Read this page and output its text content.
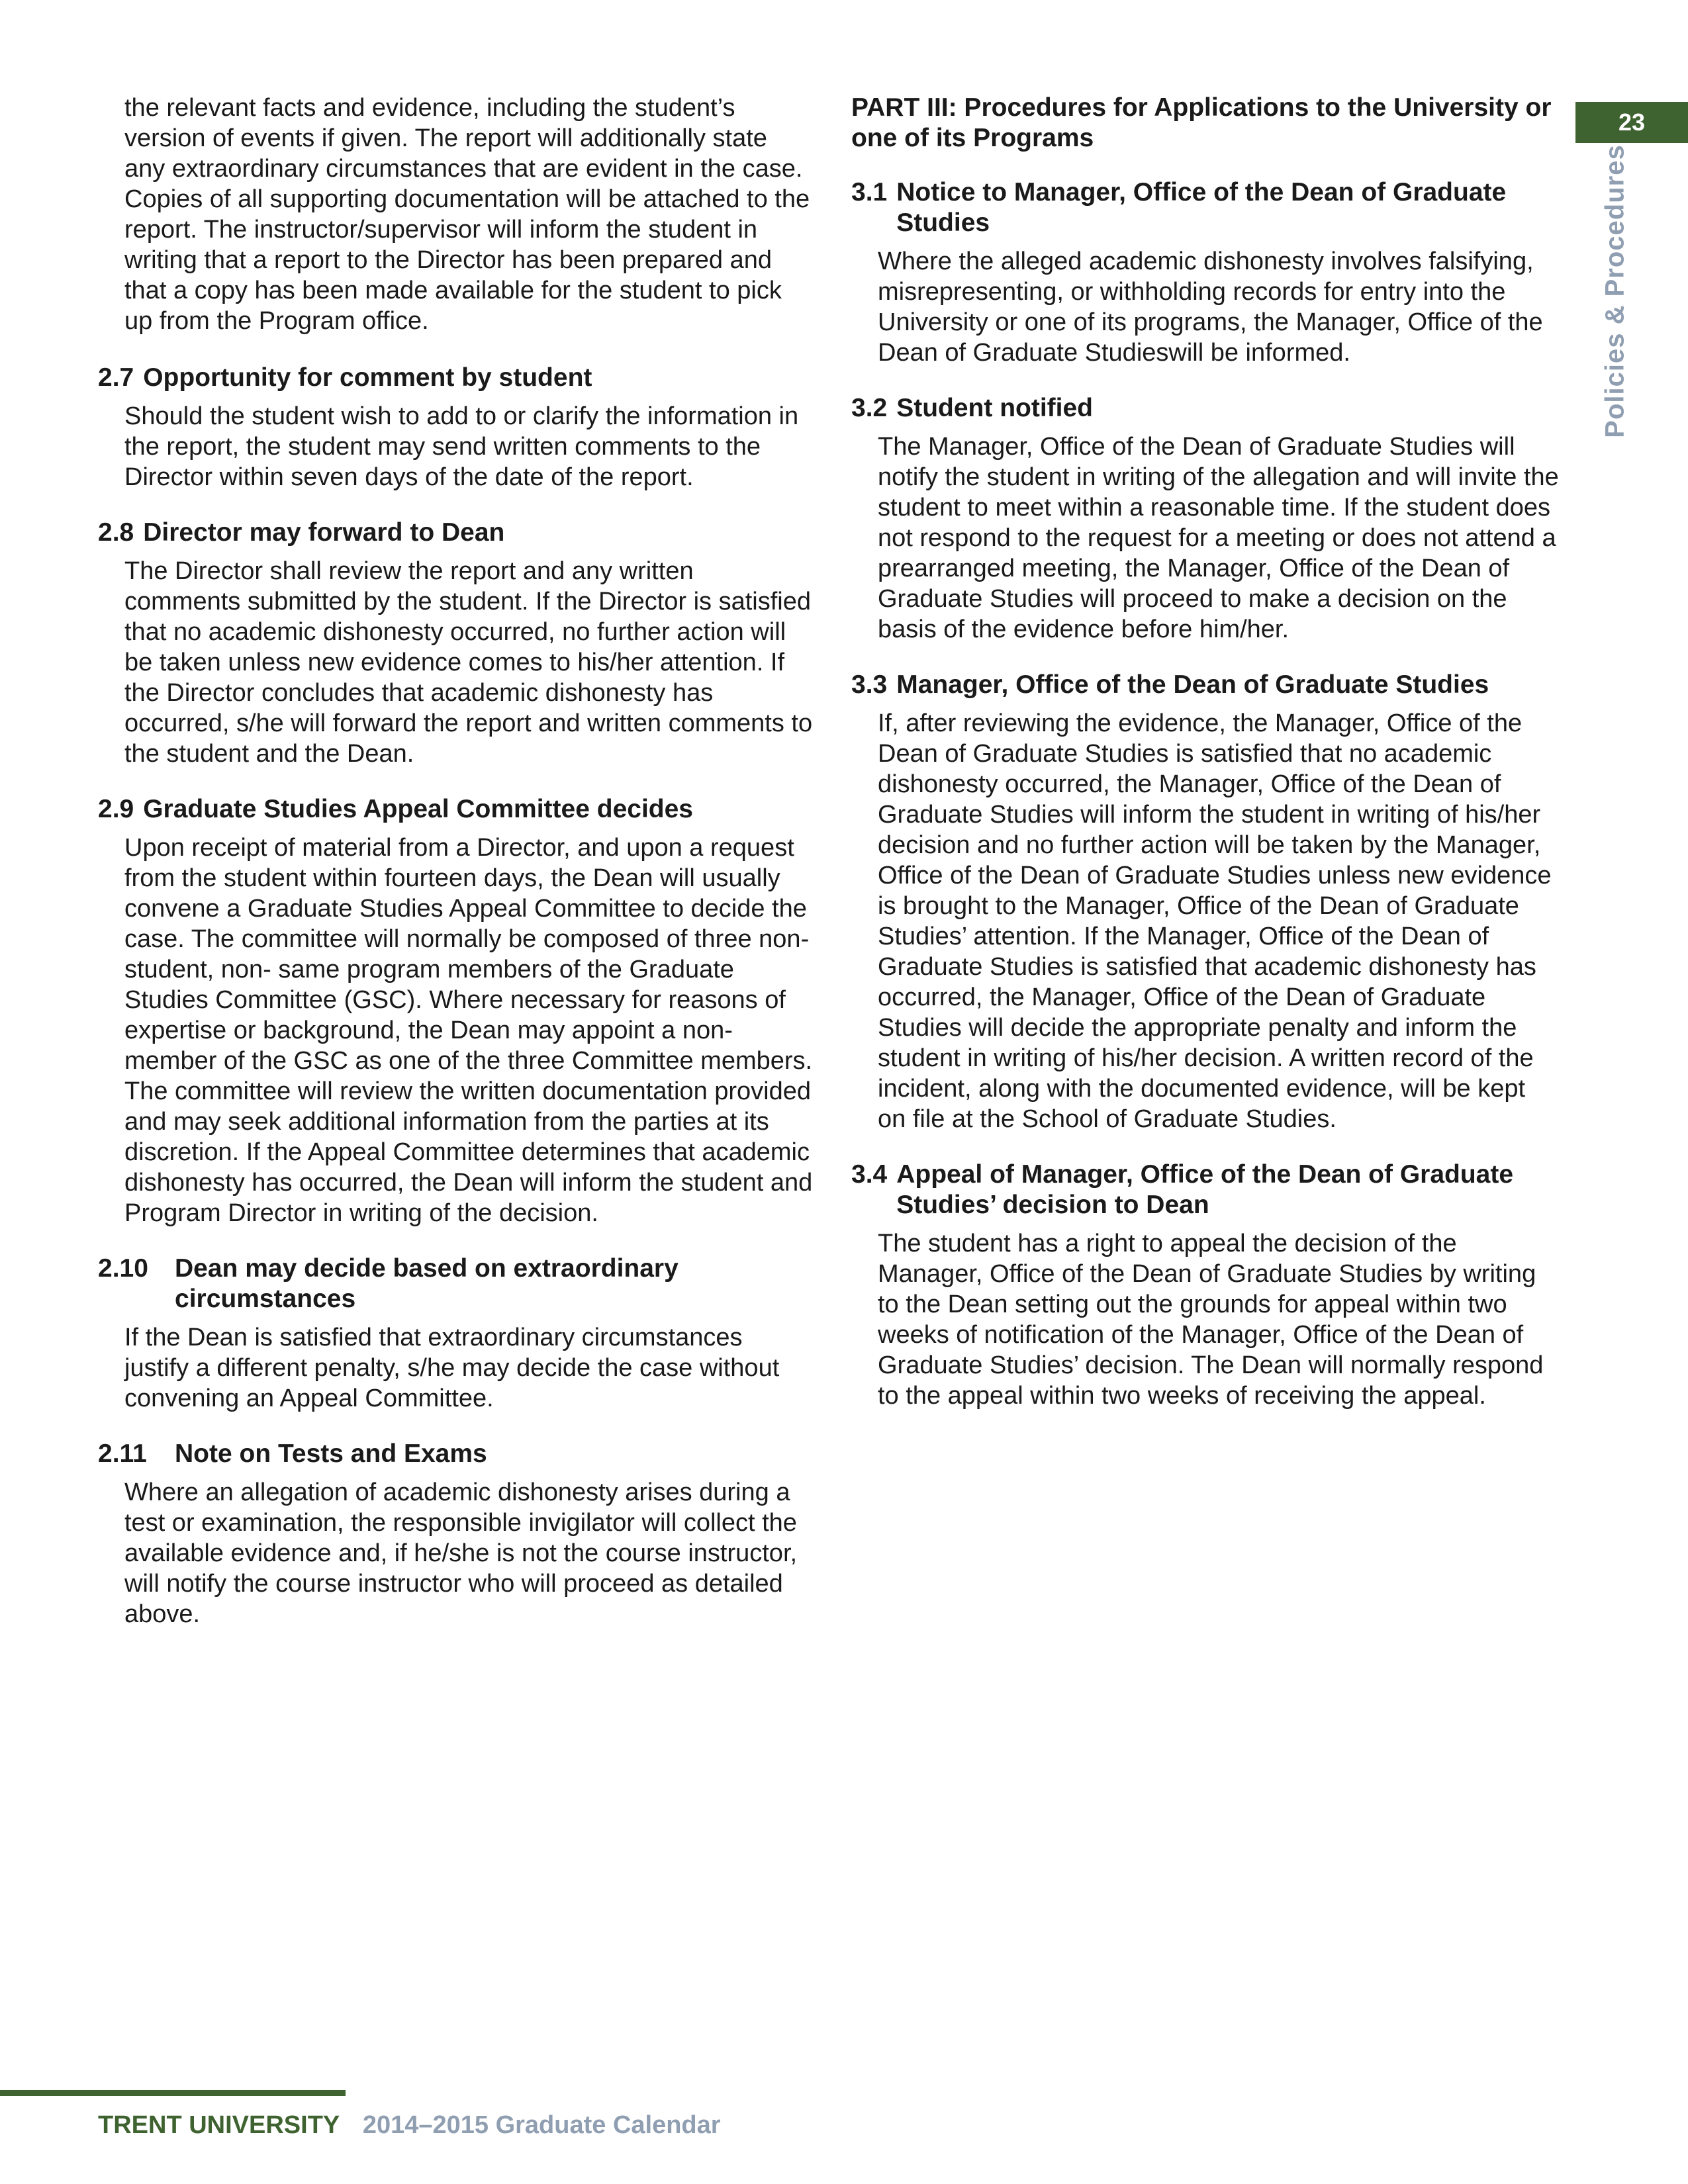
the relevant facts and evidence, including the student’s version of events if given. The report will additionally state any extraordinary circumstances that are evident in the case. Copies of all supporting documentation will be attached to the report. The instructor/supervisor will inform the student in writing that a report to the Director has been prepared and that a copy has been made available for the student to pick up from the Program office.
2.7 Opportunity for comment by student
Should the student wish to add to or clarify the information in the report, the student may send written comments to the Director within seven days of the date of the report.
2.8 Director may forward to Dean
The Director shall review the report and any written comments submitted by the student. If the Director is satisfied that no academic dishonesty occurred, no further action will be taken unless new evidence comes to his/her attention. If the Director concludes that academic dishonesty has occurred, s/he will forward the report and written comments to the student and the Dean.
2.9 Graduate Studies Appeal Committee decides
Upon receipt of material from a Director, and upon a request from the student within fourteen days, the Dean will usually convene a Graduate Studies Appeal Committee to decide the case. The committee will normally be composed of three non-student, non- same program members of the Graduate Studies Committee (GSC). Where necessary for reasons of expertise or background, the Dean may appoint a non-member of the GSC as one of the three Committee members. The committee will review the written documentation provided and may seek additional information from the parties at its discretion. If the Appeal Committee determines that academic dishonesty has occurred, the Dean will inform the student and Program Director in writing of the decision.
2.10	Dean may decide based on extraordinary circumstances
If the Dean is satisfied that extraordinary circumstances justify a different penalty, s/he may decide the case without convening an Appeal Committee.
2.11	Note on Tests and Exams
Where an allegation of academic dishonesty arises during a test or examination, the responsible invigilator will collect the available evidence and, if he/she is not the course instructor, will notify the course instructor who will proceed as detailed above.
PART III: Procedures for Applications to the University or one of its Programs
3.1 Notice to Manager, Office of the Dean of Graduate Studies
Where the alleged academic dishonesty involves falsifying, misrepresenting, or withholding records for entry into the University or one of its programs, the Manager, Office of the Dean of Graduate Studieswill be informed.
3.2 Student notified
The Manager, Office of the Dean of Graduate Studies will notify the student in writing of the allegation and will invite the student to meet within a reasonable time. If the student does not respond to the request for a meeting or does not attend a prearranged meeting, the Manager, Office of the Dean of Graduate Studies will proceed to make a decision on the basis of the evidence before him/her.
3.3 Manager, Office of the Dean of Graduate Studies
If, after reviewing the evidence, the Manager, Office of the Dean of Graduate Studies is satisfied that no academic dishonesty occurred, the Manager, Office of the Dean of Graduate Studies will inform the student in writing of his/her decision and no further action will be taken by the Manager, Office of the Dean of Graduate Studies unless new evidence is brought to the Manager, Office of the Dean of Graduate Studies’ attention. If the Manager, Office of the Dean of Graduate Studies is satisfied that academic dishonesty has occurred, the Manager, Office of the Dean of Graduate Studies will decide the appropriate penalty and inform the student in writing of his/her decision. A written record of the incident, along with the documented evidence, will be kept on file at the School of Graduate Studies.
3.4 Appeal of Manager, Office of the Dean of Graduate Studies’ decision to Dean
The student has a right to appeal the decision of the Manager, Office of the Dean of Graduate Studies by writing to the Dean setting out the grounds for appeal within two weeks of notification of the Manager, Office of the Dean of Graduate Studies’ decision. The Dean will normally respond to the appeal within two weeks of receiving the appeal.
23
Policies & Procedures
TRENT UNIVERSITY 2014–2015 Graduate Calendar
